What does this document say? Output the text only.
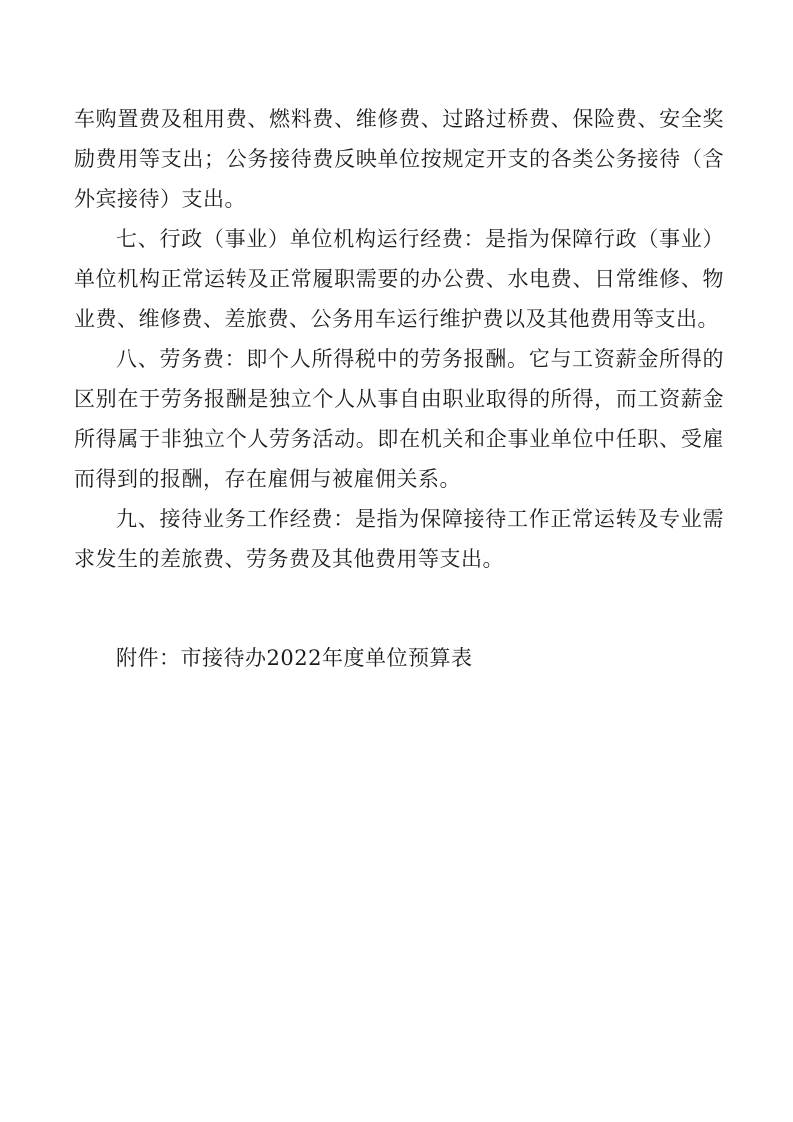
车购置费及租用费、燃料费、维修费、过路过桥费、保险费、安全奖励费用等支出；公务接待费反映单位按规定开支的各类公务接待（含外宾接待）支出。

七、行政（事业）单位机构运行经费：是指为保障行政（事业）单位机构正常运转及正常履职需要的办公费、水电费、日常维修、物业费、维修费、差旅费、公务用车运行维护费以及其他费用等支出。

八、劳务费：即个人所得税中的劳务报酬。它与工资薪金所得的区别在于劳务报酬是独立个人从事自由职业取得的所得，而工资薪金所得属于非独立个人劳务活动。即在机关和企事业单位中任职、受雇而得到的报酬，存在雇佣与被雇佣关系。

九、接待业务工作经费：是指为保障接待工作正常运转及专业需求发生的差旅费、劳务费及其他费用等支出。

附件：市接待办2022年度单位预算表
